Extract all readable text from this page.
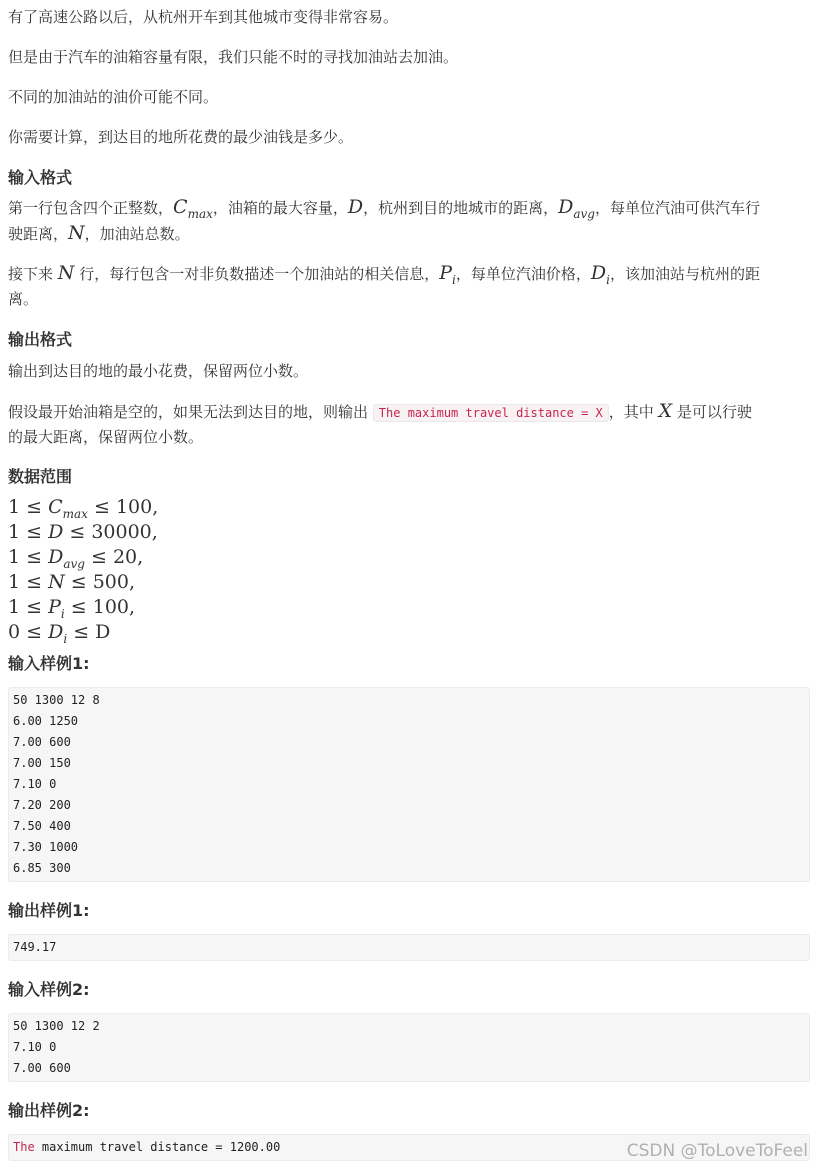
有了高速公路以后，从杭州开车到其他城市变得非常容易。
但是由于汽车的油箱容量有限，我们只能不时的寻找加油站去加油。
不同的加油站的油价可能不同。
你需要计算，到达目的地所花费的最少油钱是多少。
输入格式
第一行包含四个正整数，$C_{max}$，油箱的最大容量，D，杭州到目的地城市的距离，$D_{avg}$，每单位汽油可供汽车行
驶距离，N，加油站总数。
接下来 N 行，每行包含一对非负数描述一个加油站的相关信息，$P_i$，每单位汽油价格，$D_i$，该加油站与杭州的距
离。
输出格式
输出到达目的地的最小花费，保留两位小数。
假设最开始油箱是空的，如果无法到达目的地，则输出 The maximum travel distance = X ，其中 X 是可以行驶
的最大距离，保留两位小数。
数据范围
$1 \le C_{max} \le 100$,
1 ≤ D ≤ 30000,
$1 \le D_{avg} \le 20$,
1 ≤ N ≤ 500,
$1 \le P_i \le 100$,
$0 \le D_i \le D$
输入样例1:
50 1300 12 8
6.00 1250
7.00 600
7.00 150
7.10 0
7.20 200
7.50 400
7.30 1000
6.85 300
输出样例1:
749.17
输入样例2:
50 1300 12 2
7.10 0
7.00 600
输出样例2:
The maximum travel distance = 1200.00	CSDN @ToLoveToFeel
